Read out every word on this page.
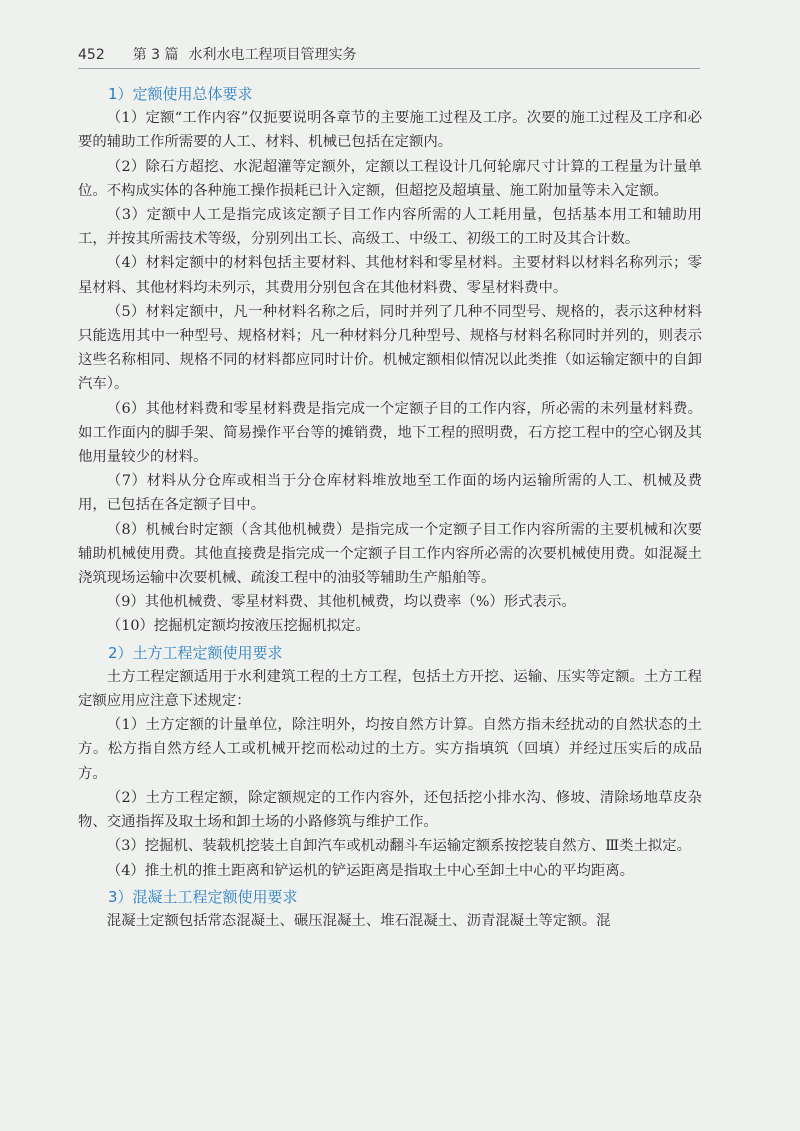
452 第 3 篇 水利水电工程项目管理实务
1）定额使用总体要求

（1）定额“工作内容”仅扼要说明各章节的主要施工过程及工序。次要的施工过程及工序和必要的辅助工作所需要的人工、材料、机械已包括在定额内。

（2）除石方超挖、水泥超灌等定额外，定额以工程设计几何轮廓尺寸计算的工程量为计量单位。不构成实体的各种施工操作损耗已计入定额，但超挖及超填量、施工附加量等未入定额。

（3）定额中人工是指完成该定额子目工作内容所需的人工耗用量，包括基本用工和辅助用工，并按其所需技术等级，分别列出工长、高级工、中级工、初级工的工时及其合计数。

（4）材料定额中的材料包括主要材料、其他材料和零星材料。主要材料以材料名称列示；零星材料、其他材料均未列示，其费用分别包含在其他材料费、零星材料费中。

（5）材料定额中，凡一种材料名称之后，同时并列了几种不同型号、规格的，表示这种材料只能选用其中一种型号、规格材料；凡一种材料分几种型号、规格与材料名称同时并列的，则表示这些名称相同、规格不同的材料都应同时计价。机械定额相似情况以此类推（如运输定额中的自卸汽车）。

（6）其他材料费和零星材料费是指完成一个定额子目的工作内容，所必需的未列量材料费。如工作面内的脚手架、简易操作平台等的摊销费，地下工程的照明费，石方挖工程中的空心钢及其他用量较少的材料。

（7）材料从分仓库或相当于分仓库材料堆放地至工作面的场内运输所需的人工、机械及费用，已包括在各定额子目中。

（8）机械台时定额（含其他机械费）是指完成一个定额子目工作内容所需的主要机械和次要辅助机械使用费。其他直接费是指完成一个定额子目工作内容所必需的次要机械使用费。如混凝土浇筑现场运输中次要机械、疏浚工程中的油驳等辅助生产船舶等。

（9）其他机械费、零星材料费、其他机械费，均以费率（%）形式表示。

（10）挖掘机定额均按液压挖掘机拟定。

2）土方工程定额使用要求

土方工程定额适用于水利建筑工程的土方工程，包括土方开挖、运输、压实等定额。土方工程定额应用应注意下述规定：

（1）土方定额的计量单位，除注明外，均按自然方计算。自然方指未经扰动的自然状态的土方。松方指自然方经人工或机械开挖而松动过的土方。实方指填筑（回填）并经过压实后的成品方。

（2）土方工程定额，除定额规定的工作内容外，还包括挖小排水沟、修坡、清除场地草皮杂物、交通指挥及取土场和卸土场的小路修筑与维护工作。

（3）挖掘机、装载机挖装土自卸汽车或机动翻斗车运输定额系按挖装自然方、Ⅲ类土拟定。

（4）推土机的推土距离和铲运机的铲运距离是指取土中心至卸土中心的平均距离。

3）混凝土工程定额使用要求

混凝土定额包括常态混凝土、碾压混凝土、堆石混凝土、沥青混凝土等定额。混
